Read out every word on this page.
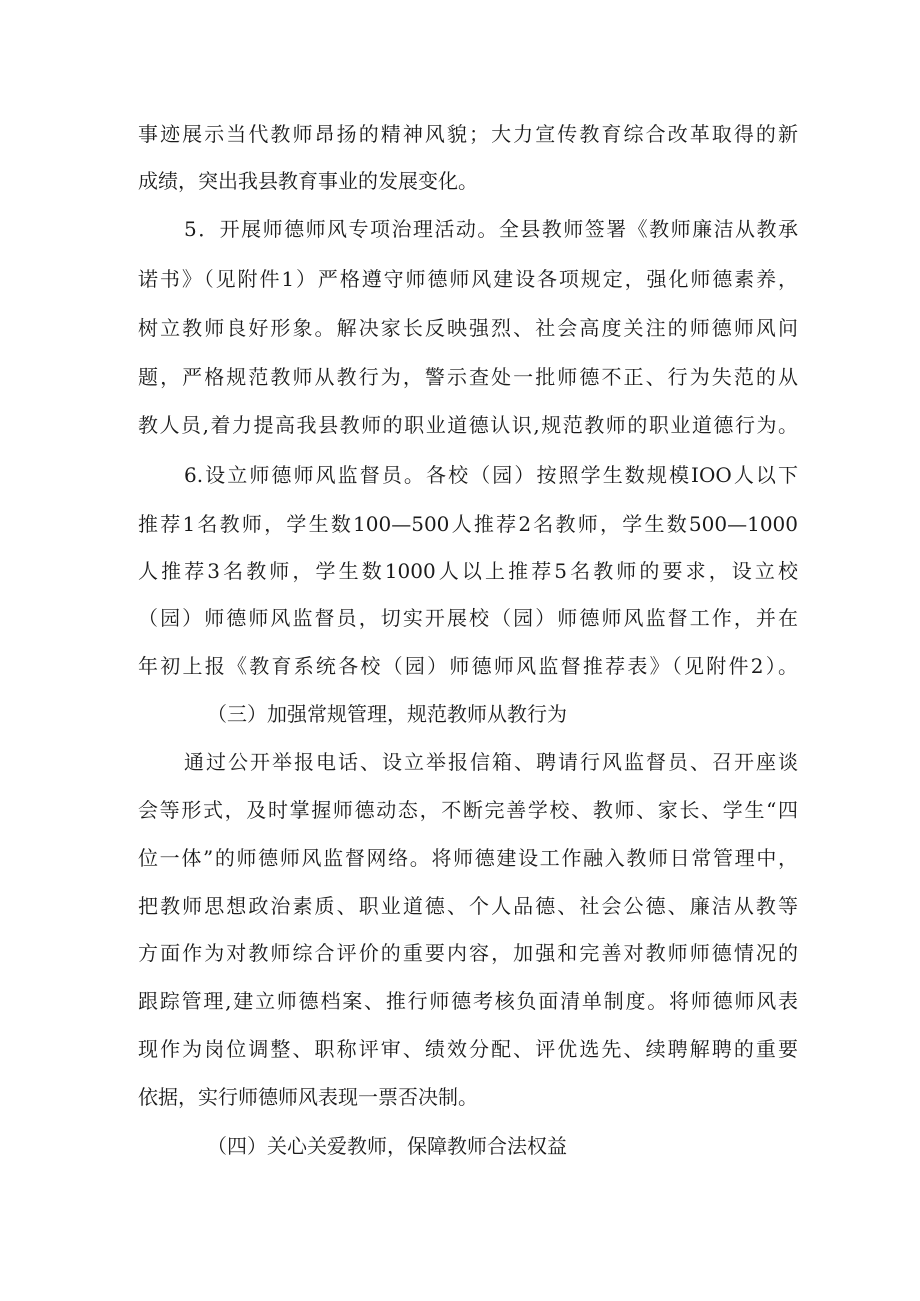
事迹展示当代教师昂扬的精神风貌；大力宣传教育综合改革取得的新
成绩，突出我县教育事业的发展变化。
5．开展师德师风专项治理活动。全县教师签署《教师廉洁从教承
诺书》（见附件1）严格遵守师德师风建设各项规定，强化师德素养，
树立教师良好形象。解决家长反映强烈、社会高度关注的师德师风问
题，严格规范教师从教行为，警示查处一批师德不正、行为失范的从
教人员,着力提高我县教师的职业道德认识,规范教师的职业道德行为。
6.设立师德师风监督员。各校（园）按照学生数规模IOO人以下
推荐1名教师，学生数100—500人推荐2名教师，学生数500—1000
人推荐3名教师，学生数1000人以上推荐5名教师的要求，设立校
（园）师德师风监督员，切实开展校（园）师德师风监督工作，并在
年初上报《教育系统各校（园）师德师风监督推荐表》（见附件2）。
（三）加强常规管理，规范教师从教行为
通过公开举报电话、设立举报信箱、聘请行风监督员、召开座谈
会等形式，及时掌握师德动态，不断完善学校、教师、家长、学生“四
位一体”的师德师风监督网络。将师德建设工作融入教师日常管理中，
把教师思想政治素质、职业道德、个人品德、社会公德、廉洁从教等
方面作为对教师综合评价的重要内容，加强和完善对教师师德情况的
跟踪管理,建立师德档案、推行师德考核负面清单制度。将师德师风表
现作为岗位调整、职称评审、绩效分配、评优选先、续聘解聘的重要
依据，实行师德师风表现一票否决制。
（四）关心关爱教师，保障教师合法权益
